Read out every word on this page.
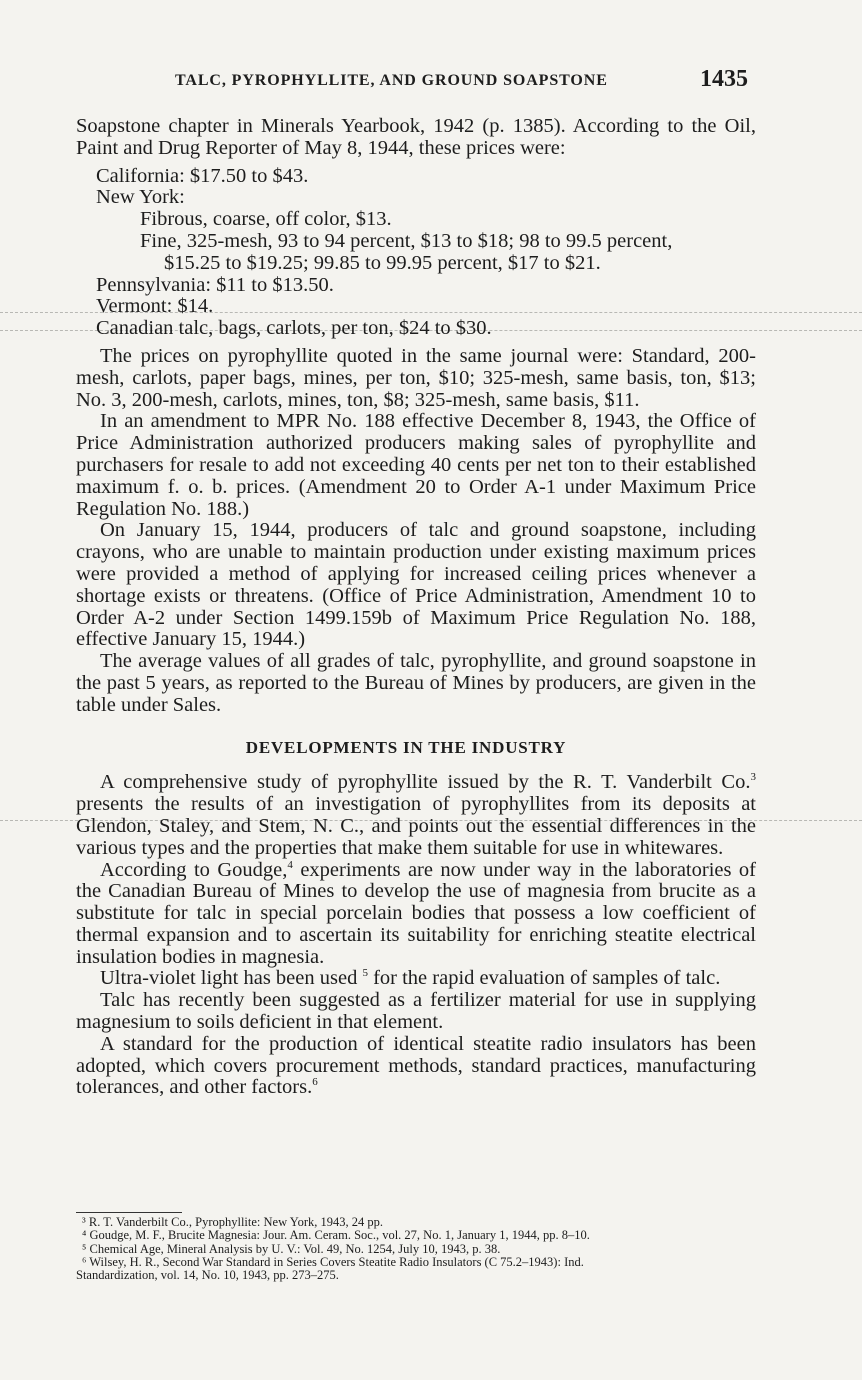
TALC, PYROPHYLLITE, AND GROUND SOAPSTONE	1435

Soapstone chapter in Minerals Yearbook, 1942 (p. 1385). According to the Oil, Paint and Drug Reporter of May 8, 1944, these prices were:

California: $17.50 to $43.
New York:
Fibrous, coarse, off color, $13.
Fine, 325-mesh, 93 to 94 percent, $13 to $18; 98 to 99.5 percent,
$15.25 to $19.25; 99.85 to 99.95 percent, $17 to $21.
Pennsylvania: $11 to $13.50.
Vermont: $14.
Canadian talc, bags, carlots, per ton, $24 to $30.

The prices on pyrophyllite quoted in the same journal were: Standard, 200-mesh, carlots, paper bags, mines, per ton, $10; 325-mesh, same basis, ton, $13; No. 3, 200-mesh, carlots, mines, ton, $8; 325-mesh, same basis, $11.

In an amendment to MPR No. 188 effective December 8, 1943, the Office of Price Administration authorized producers making sales of pyrophyllite and purchasers for resale to add not exceeding 40 cents per net ton to their established maximum f. o. b. prices. (Amendment 20 to Order A-1 under Maximum Price Regulation No. 188.)

On January 15, 1944, producers of talc and ground soapstone, including crayons, who are unable to maintain production under existing maximum prices were provided a method of applying for increased ceiling prices whenever a shortage exists or threatens. (Office of Price Administration, Amendment 10 to Order A-2 under Section 1499.159b of Maximum Price Regulation No. 188, effective January 15, 1944.)

The average values of all grades of talc, pyrophyllite, and ground soapstone in the past 5 years, as reported to the Bureau of Mines by producers, are given in the table under Sales.

DEVELOPMENTS IN THE INDUSTRY

A comprehensive study of pyrophyllite issued by the R. T. Vanderbilt Co.$^3$ presents the results of an investigation of pyrophyllites from its deposits at Glendon, Staley, and Stem, N. C., and points out the essential differences in the various types and the properties that make them suitable for use in whitewares.

According to Goudge,$^4$ experiments are now under way in the laboratories of the Canadian Bureau of Mines to develop the use of magnesia from brucite as a substitute for talc in special porcelain bodies that possess a low coefficient of thermal expansion and to ascertain its suitability for enriching steatite electrical insulation bodies in magnesia.

Ultra-violet light has been used $^5$ for the rapid evaluation of samples of talc.

Talc has recently been suggested as a fertilizer material for use in supplying magnesium to soils deficient in that element.

A standard for the production of identical steatite radio insulators has been adopted, which covers procurement methods, standard practices, manufacturing tolerances, and other factors.$^6$

³ R. T. Vanderbilt Co., Pyrophyllite: New York, 1943, 24 pp.

⁴ Goudge, M. F., Brucite Magnesia: Jour. Am. Ceram. Soc., vol. 27, No. 1, January 1, 1944, pp. 8–10.

⁵ Chemical Age, Mineral Analysis by U. V.: Vol. 49, No. 1254, July 10, 1943, p. 38.

⁶ Wilsey, H. R., Second War Standard in Series Covers Steatite Radio Insulators (C 75.2–1943): Ind.

Standardization, vol. 14, No. 10, 1943, pp. 273–275.
